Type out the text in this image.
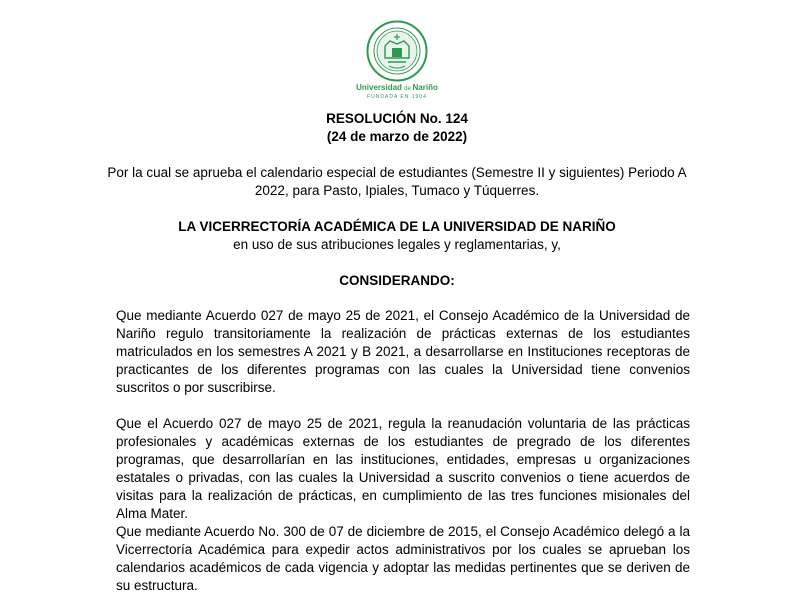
Universidad de Nariño
FUNDADA EN 1904
RESOLUCIÓN No. 124
(24 de marzo de 2022)
Por la cual se aprueba el calendario especial de estudiantes (Semestre II y siguientes) Periodo A
2022, para Pasto, Ipiales, Tumaco y Túquerres.
LA VICERRECTORÍA ACADÉMICA DE LA UNIVERSIDAD DE NARIÑO
en uso de sus atribuciones legales y reglamentarias, y,
CONSIDERANDO:
Que mediante Acuerdo 027 de mayo 25 de 2021, el Consejo Académico de la Universidad de Nariño regulo transitoriamente la realización de prácticas externas de los estudiantes matriculados en los semestres A 2021 y B 2021, a desarrollarse en Instituciones receptoras de practicantes de los diferentes programas con las cuales la Universidad tiene convenios suscritos o por suscribirse.
Que el Acuerdo 027 de mayo 25 de 2021, regula la reanudación voluntaria de las prácticas profesionales y académicas externas de los estudiantes de pregrado de los diferentes programas, que desarrollarían en las instituciones, entidades, empresas u organizaciones estatales o privadas, con las cuales la Universidad a suscrito convenios o tiene acuerdos de visitas para la realización de prácticas, en cumplimiento de las tres funciones misionales del Alma Mater.
Que mediante Acuerdo No. 300 de 07 de diciembre de 2015, el Consejo Académico delegó a la Vicerrectoría Académica para expedir actos administrativos por los cuales se aprueban los calendarios académicos de cada vigencia y adoptar las medidas pertinentes que se deriven de su estructura.
